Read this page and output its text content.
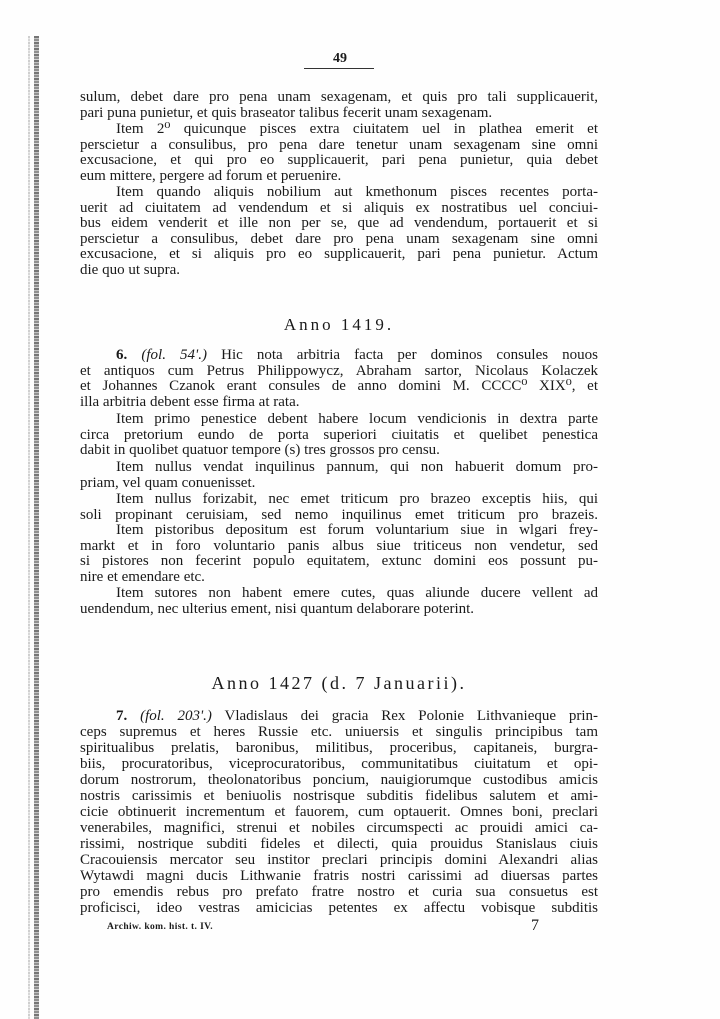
49
sulum, debet dare pro pena unam sexagenam, et quis pro tali supplicauerit,
pari puna punietur, et quis braseator talibus fecerit unam sexagenam.
Item 2⁰ quicunque pisces extra ciuitatem uel in plathea emerit et
perscietur a consulibus, pro pena dare tenetur unam sexagenam sine omni
excusacione, et qui pro eo supplicauerit, pari pena punietur, quia debet
eum mittere, pergere ad forum et peruenire.
Item quando aliquis nobilium aut kmethonum pisces recentes porta-
uerit ad ciuitatem ad vendendum et si aliquis ex nostratibus uel conciui-
bus eidem venderit et ille non per se, que ad vendendum, portauerit et si
perscietur a consulibus, debet dare pro pena unam sexagenam sine omni
excusacione, et si aliquis pro eo supplicauerit, pari pena punietur. Actum
die quo ut supra.
Anno 1419.
6. (fol. 54'.) Hic nota arbitria facta per dominos consules nouos
et antiquos cum Petrus Philippowycz, Abraham sartor, Nicolaus Kolaczek
et Johannes Czanok erant consules de anno domini M. CCCC⁰ XIX⁰, et
illa arbitria debent esse firma at rata.
Item primo penestice debent habere locum vendicionis in dextra parte
circa pretorium eundo de porta superiori ciuitatis et quelibet penestica
dabit in quolibet quatuor tempore (s) tres grossos pro censu.
Item nullus vendat inquilinus pannum, qui non habuerit domum pro-
priam, vel quam conuenisset.
Item nullus forizabit, nec emet triticum pro brazeo exceptis hiis, qui
soli propinant ceruisiam, sed nemo inquilinus emet triticum pro brazeis.
Item pistoribus depositum est forum voluntarium siue in wlgari frey-
markt et in foro voluntario panis albus siue triticeus non vendetur, sed
si pistores non fecerint populo equitatem, extunc domini eos possunt pu-
nire et emendare etc.
Item sutores non habent emere cutes, quas aliunde ducere vellent ad
uendendum, nec ulterius ement, nisi quantum delaborare poterint.
Anno 1427 (d. 7 Januarii).
7. (fol. 203'.) Vladislaus dei gracia Rex Polonie Lithvanieque prin-
ceps supremus et heres Russie etc. uniuersis et singulis principibus tam
spiritualibus prelatis, baronibus, militibus, proceribus, capitaneis, burgra-
biis, procuratoribus, viceprocuratoribus, communitatibus ciuitatum et opi-
dorum nostrorum, theolonatoribus poncium, nauigiorumque custodibus amicis
nostris carissimis et beniuolis nostrisque subditis fidelibus salutem et ami-
cicie obtinuerit incrementum et fauorem, cum optauerit. Omnes boni, preclari
venerabiles, magnifici, strenui et nobiles circumspecti ac prouidi amici ca-
rissimi, nostrique subditi fideles et dilecti, quia prouidus Stanislaus ciuis
Cracouiensis mercator seu institor preclari principis domini Alexandri alias
Wytawdi magni ducis Lithwanie fratris nostri carissimi ad diuersas partes
pro emendis rebus pro prefato fratre nostro et curia sua consuetus est
proficisci, ideo vestras amicicias petentes ex affectu vobisque subditis
Archiw. kom. hist. t. IV.	7
